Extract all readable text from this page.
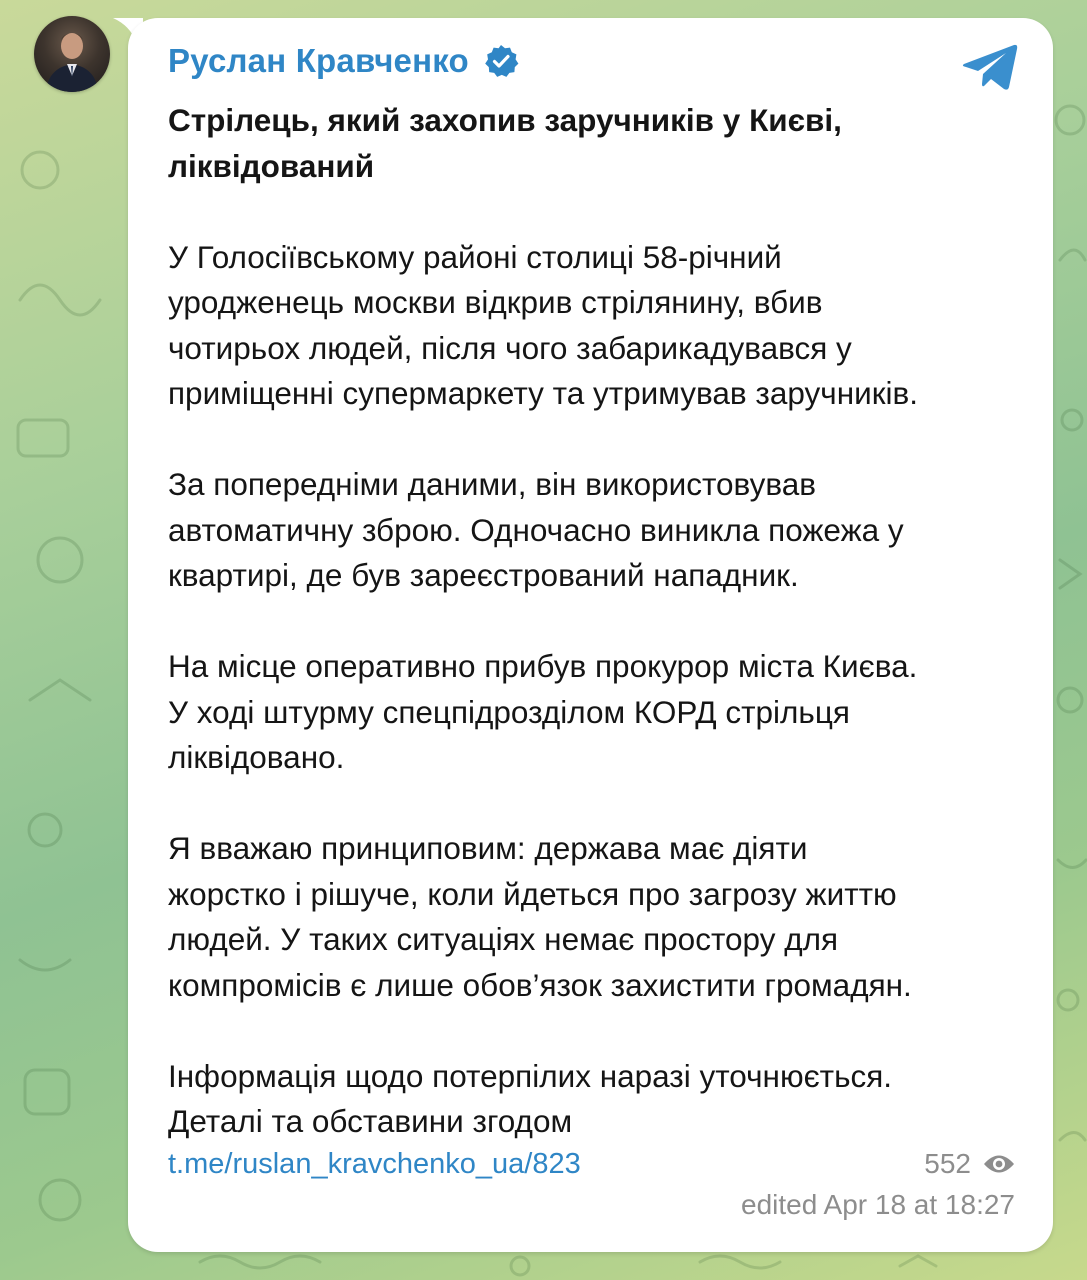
Руслан Кравченко

Стрілець, який захопив заручників у Києві,
ліквідований

У Голосіївському районі столиці 58-річний
уродженець москви відкрив стрілянину, вбив
чотирьох людей, після чого забарикадувався у
приміщенні супермаркету та утримував заручників.

За попередніми даними, він використовував
автоматичну зброю. Одночасно виникла пожежа у
квартирі, де був зареєстрований нападник.

На місце оперативно прибув прокурор міста Києва.
У ході штурму спецпідрозділом КОРД стрільця
ліквідовано.

Я вважаю принциповим: держава має діяти
жорстко і рішуче, коли йдеться про загрозу життю
людей. У таких ситуаціях немає простору для
компромісів є лише обов’язок захистити громадян.

Інформація щодо потерпілих наразі уточнюється.
Деталі та обставини згодом

t.me/ruslan_kravchenko_ua/823	552
edited Apr 18 at 18:27
